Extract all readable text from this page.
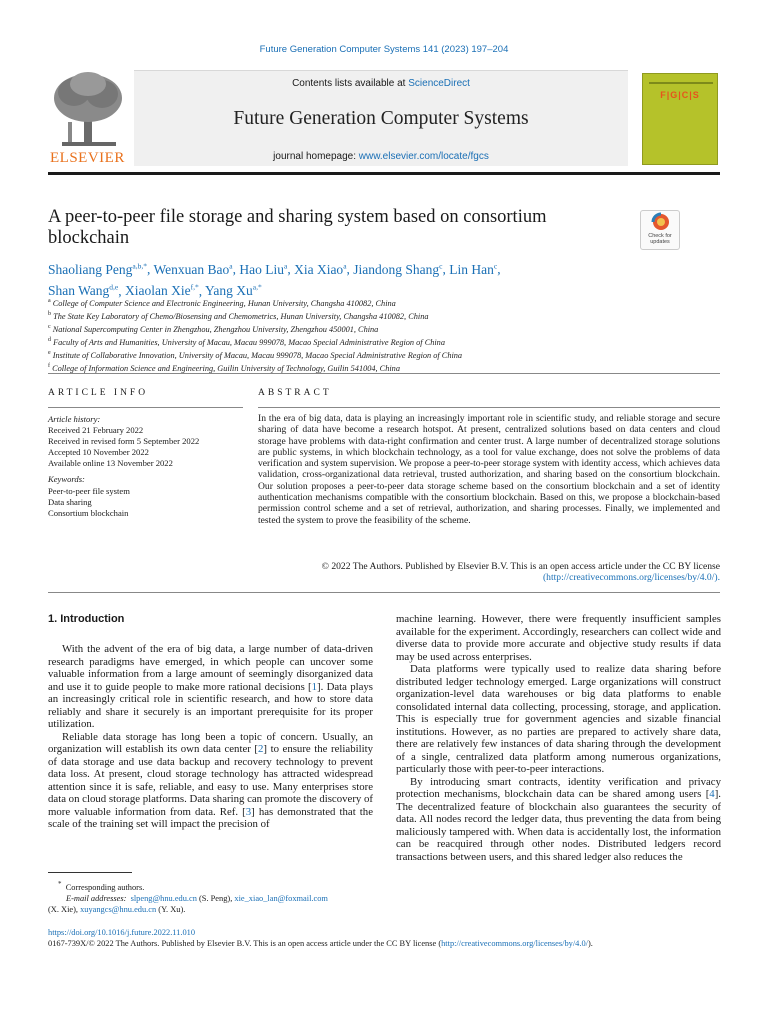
Future Generation Computer Systems 141 (2023) 197–204
ELSEVIER
Contents lists available at ScienceDirect
Future Generation Computer Systems
journal homepage: www.elsevier.com/locate/fgcs
F|G|C|S
A peer-to-peer file storage and sharing system based on consortium blockchain	Check for updates
Shaoliang Peng$^{a,b,*}$, Wenxuan Bao$^a$, Hao Liu$^a$, Xia Xiao$^a$, Jiandong Shang$^c$, Lin Han$^c$,
Shan Wang$^{d,e}$, Xiaolan Xie$^{f,*}$, Yang $Xu^{a,*}$
$^a$ College of Computer Science and Electronic Engineering, Hunan University, Changsha 410082, China
$^b$ The State Key Laboratory of Chemo/Biosensing and Chemometrics, Hunan University, Changsha 410082, China
$^c$ National Supercomputing Center in Zhengzhou, Zhengzhou University, Zhengzhou 450001, China
$^d$ Faculty of Arts and Humanities, University of Macau, Macau 999078, Macao Special Administrative Region of China
$^e$ Institute of Collaborative Innovation, University of Macau, Macau 999078, Macao Special Administrative Region of China
$^f$ College of Information Science and Engineering, Guilin University of Technology, Guilin 541004, China
ARTICLE INFO	ABSTRACT
Article history:
Received 21 February 2022
Received in revised form 5 September 2022
Accepted 10 November 2022
Available online 13 November 2022
Keywords:
Peer-to-peer file system
Data sharing
Consortium blockchain
In the era of big data, data is playing an increasingly important role in scientific study, and reliable storage and secure sharing of data have become a research hotspot. At present, centralized solutions based on data centers and cloud storage have problems with data-right confirmation and center trust. A large number of decentralized storage solutions are public systems, in which blockchain technology, as a tool for value exchange, does not solve the problems of data verification and system supervision. We propose a peer-to-peer storage system with identity access, which achieves data validation, cross-organizational data retrieval, trusted authorization, and sharing based on the consortium blockchain. Our solution proposes a peer-to-peer data storage scheme based on the consortium blockchain and a set of identity authentication mechanisms compatible with the consortium blockchain. Based on this, we propose a blockchain-based permission control scheme and a set of retrieval, authorization, and sharing processes. Finally, we implemented and tested the system to prove the feasibility of the scheme.
© 2022 The Authors. Published by Elsevier B.V. This is an open access article under the CC BY license
(http://creativecommons.org/licenses/by/4.0/).
1. Introduction

With the advent of the era of big data, a large number of data-driven research paradigms have emerged, in which people can uncover some valuable information from a large amount of seemingly disorganized data and use it to guide people to make more rational decisions [1]. Data plays an increasingly critical role in scientific research, and how to store data reliably and share it securely is an important prerequisite for its proper utilization.

Reliable data storage has long been a topic of concern. Usually, an organization will establish its own data center [2] to ensure the reliability of data storage and use data backup and recovery technology to prevent data loss. At present, cloud storage technology has attracted widespread attention since it is safe, reliable, and easy to use. Many enterprises store data on cloud storage platforms. Data sharing can promote the discovery of more valuable information from data. Ref. [3] has demonstrated that the scale of the training set will impact the precision of

machine learning. However, there were frequently insufficient samples available for the experiment. Accordingly, researchers can collect wide and diverse data to provide more accurate and objective study results if data may be used across enterprises.

Data platforms were typically used to realize data sharing before distributed ledger technology emerged. Large organizations will construct organization-level data warehouses or big data platforms to enable consolidated internal data collecting, processing, storage, and application. This is especially true for government agencies and sizable financial institutions. However, as no parties are prepared to actively share data, there are relatively few instances of data sharing through the development of a single, centralized data platform among numerous organizations, particularly those with peer-to-peer interactions.

By introducing smart contracts, identity verification and privacy protection mechanisms, blockchain data can be shared among users [4]. The decentralized feature of blockchain also guarantees the security of data. All nodes record the ledger data, thus preventing the data from being maliciously tampered with. When data is accidentally lost, the information can be reacquired through other nodes. Distributed ledgers record transactions between users, and this shared ledger also reduces the

* Corresponding authors.
E-mail addresses: slpeng@hnu.edu.cn (S. Peng), xie_xiao_lan@foxmail.com
(X. Xie), xuyangcs@hnu.edu.cn (Y. Xu).
https://doi.org/10.1016/j.future.2022.11.010
0167-739X/© 2022 The Authors. Published by Elsevier B.V. This is an open access article under the CC BY license (http://creativecommons.org/licenses/by/4.0/).
